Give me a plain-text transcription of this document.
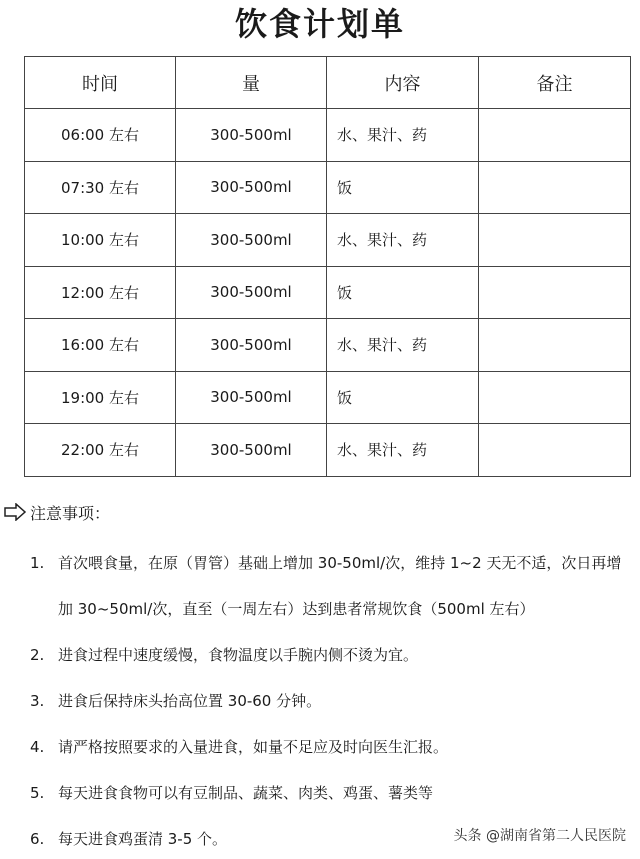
饮食计划单
时间	量	内容	备注
06:00 左右	300-500ml	水、果汁、药	
07:30 左右	300-500ml	饭	
10:00 左右	300-500ml	水、果汁、药	
12:00 左右	300-500ml	饭	
16:00 左右	300-500ml	水、果汁、药	
19:00 左右	300-500ml	饭	
22:00 左右	300-500ml	水、果汁、药	
注意事项：
1. 首次喂食量，在原（胃管）基础上增加 30-50ml/次，维持 1~2 天无不适，次日再增加 30~50ml/次，直至（一周左右）达到患者常规饮食（500ml 左右）
2. 进食过程中速度缓慢，食物温度以手腕内侧不烫为宜。
3. 进食后保持床头抬高位置 30-60 分钟。
4. 请严格按照要求的入量进食，如量不足应及时向医生汇报。
5. 每天进食食物可以有豆制品、蔬菜、肉类、鸡蛋、薯类等
6. 每天进食鸡蛋清 3-5 个。	头条 @湖南省第二人民医院
